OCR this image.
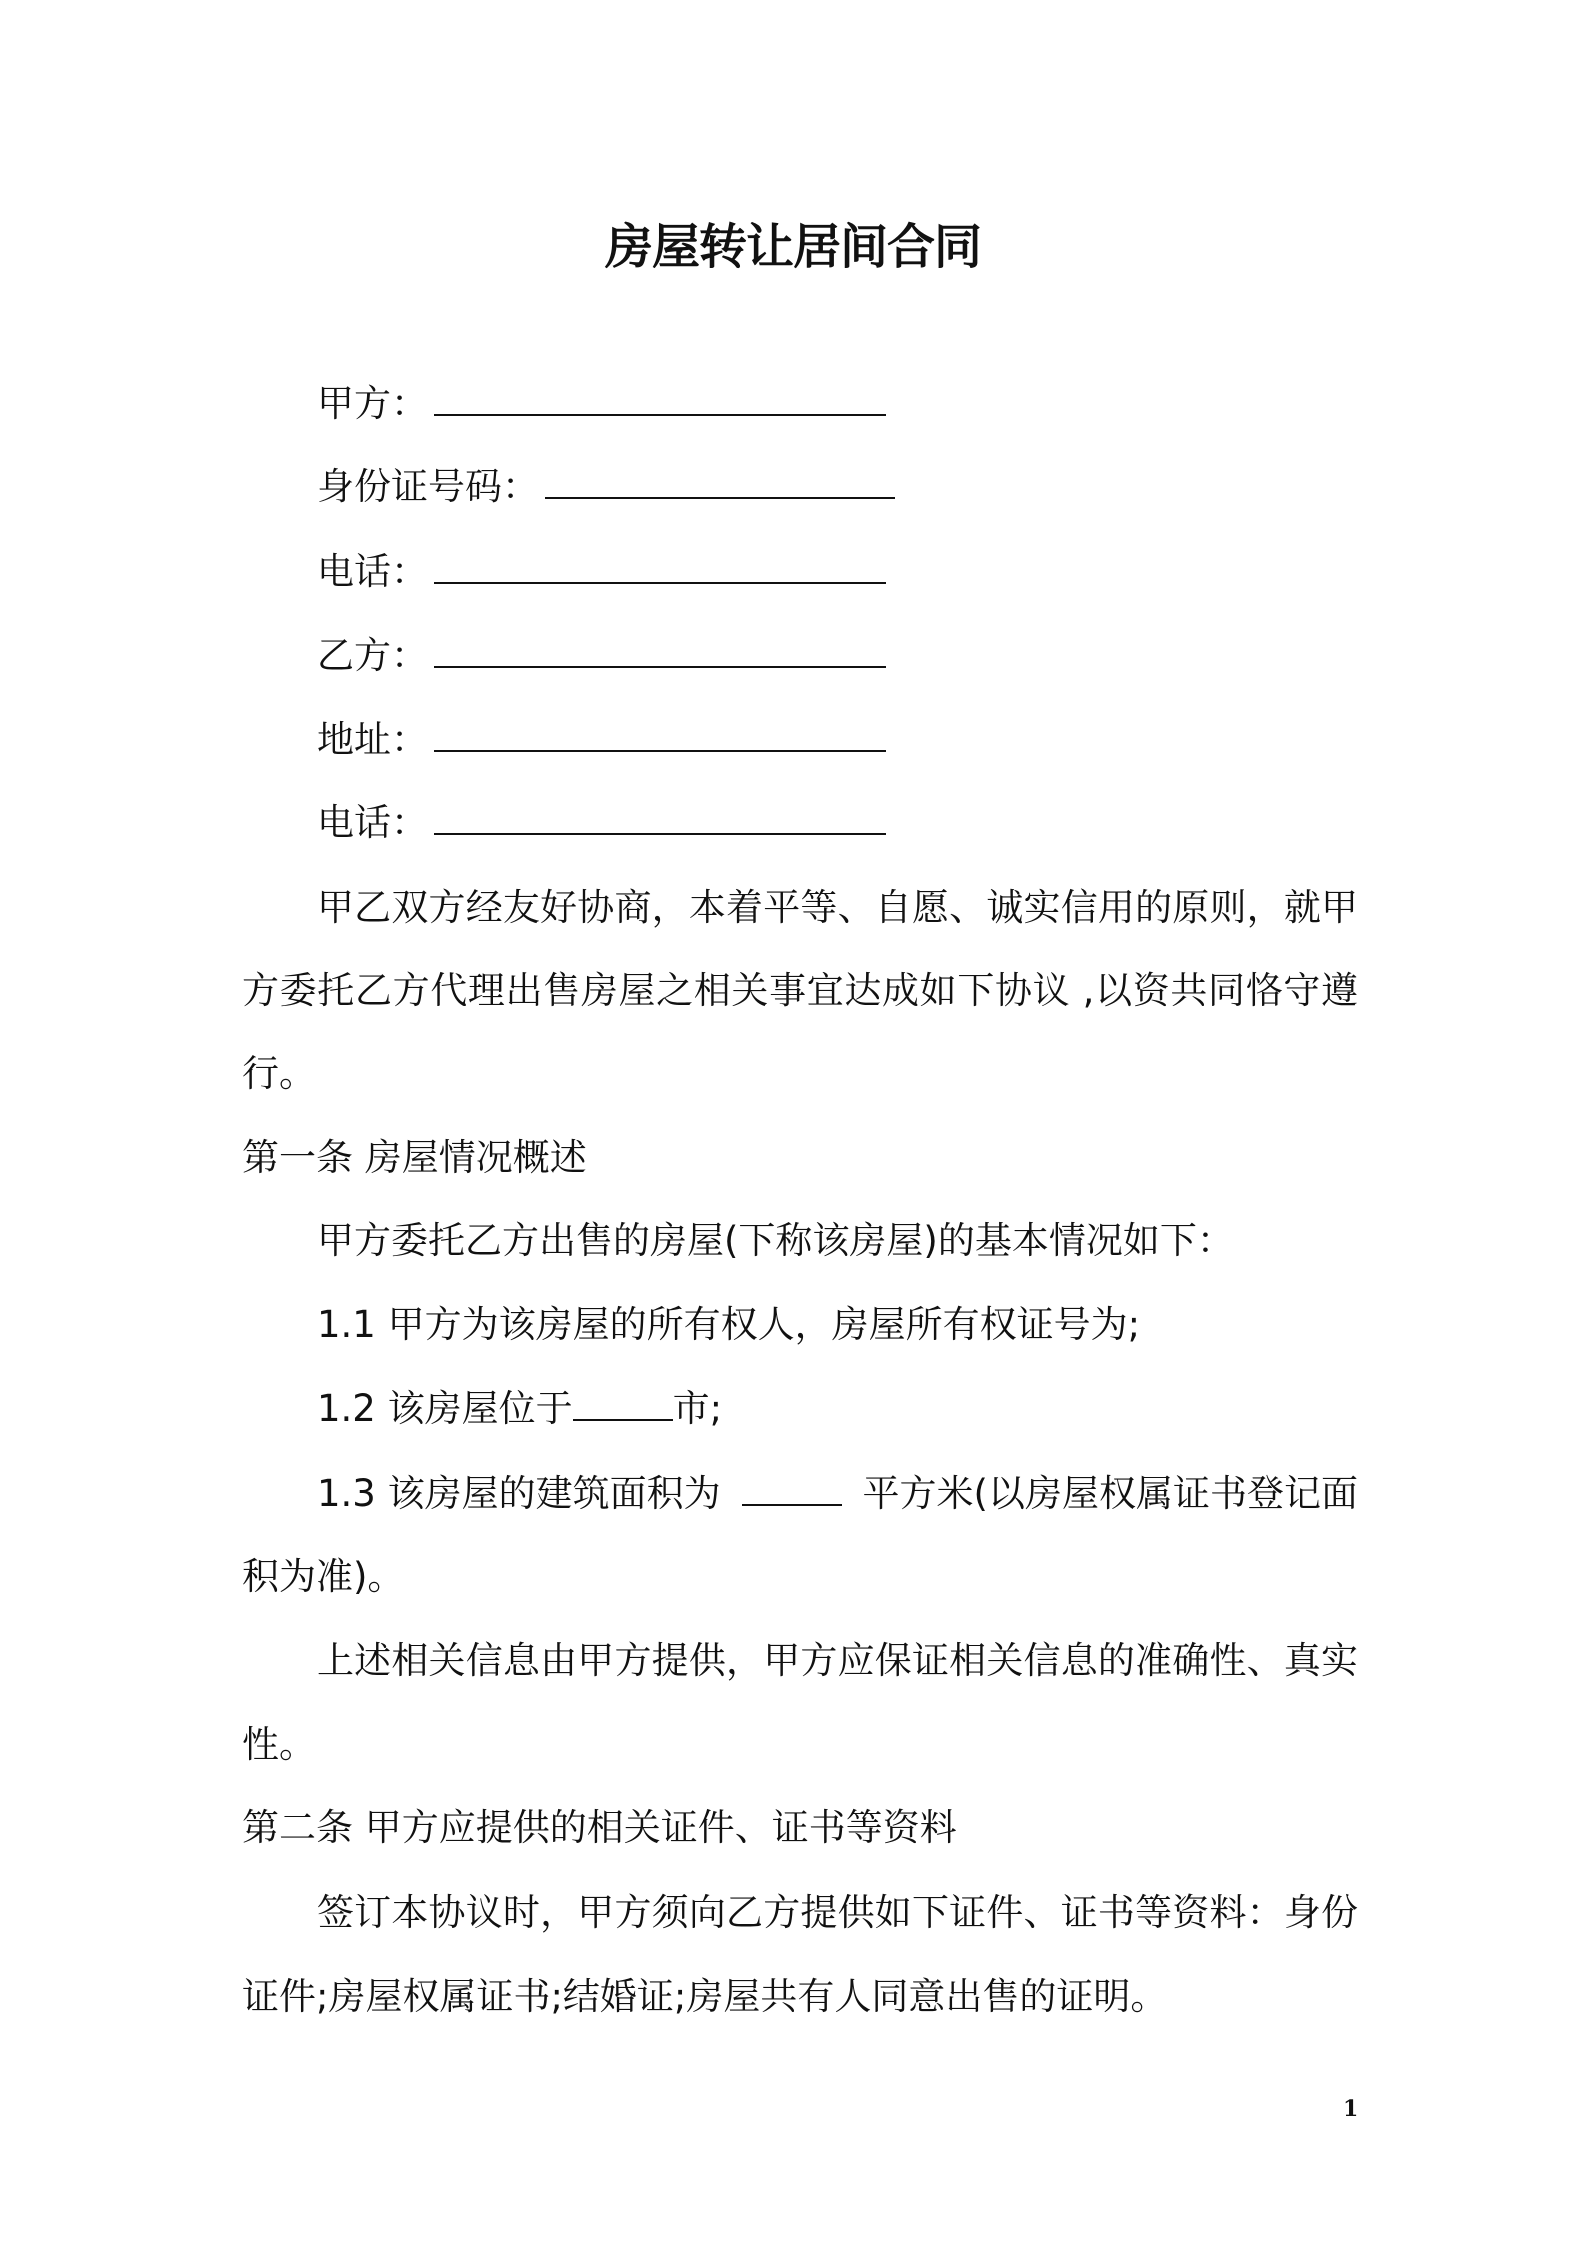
房屋转让居间合同
甲方：
身份证号码：
电话：
乙方：
地址：
电话：
甲乙双方经友好协商，本着平等、自愿、诚实信用的原则，就甲
方委托乙方代理出售房屋之相关事宜达成如下协议 ,以资共同恪守遵
行。
第一条 房屋情况概述
甲方委托乙方出售的房屋(下称该房屋)的基本情况如下：
1.1 甲方为该房屋的所有权人，房屋所有权证号为;
1.2 该房屋位于	市;
1.3 该房屋的建筑面积为	平方米(以房屋权属证书登记面
积为准)。
上述相关信息由甲方提供，甲方应保证相关信息的准确性、真实
性。
第二条 甲方应提供的相关证件、证书等资料
签订本协议时，甲方须向乙方提供如下证件、证书等资料：身份
证件;房屋权属证书;结婚证;房屋共有人同意出售的证明。
1
